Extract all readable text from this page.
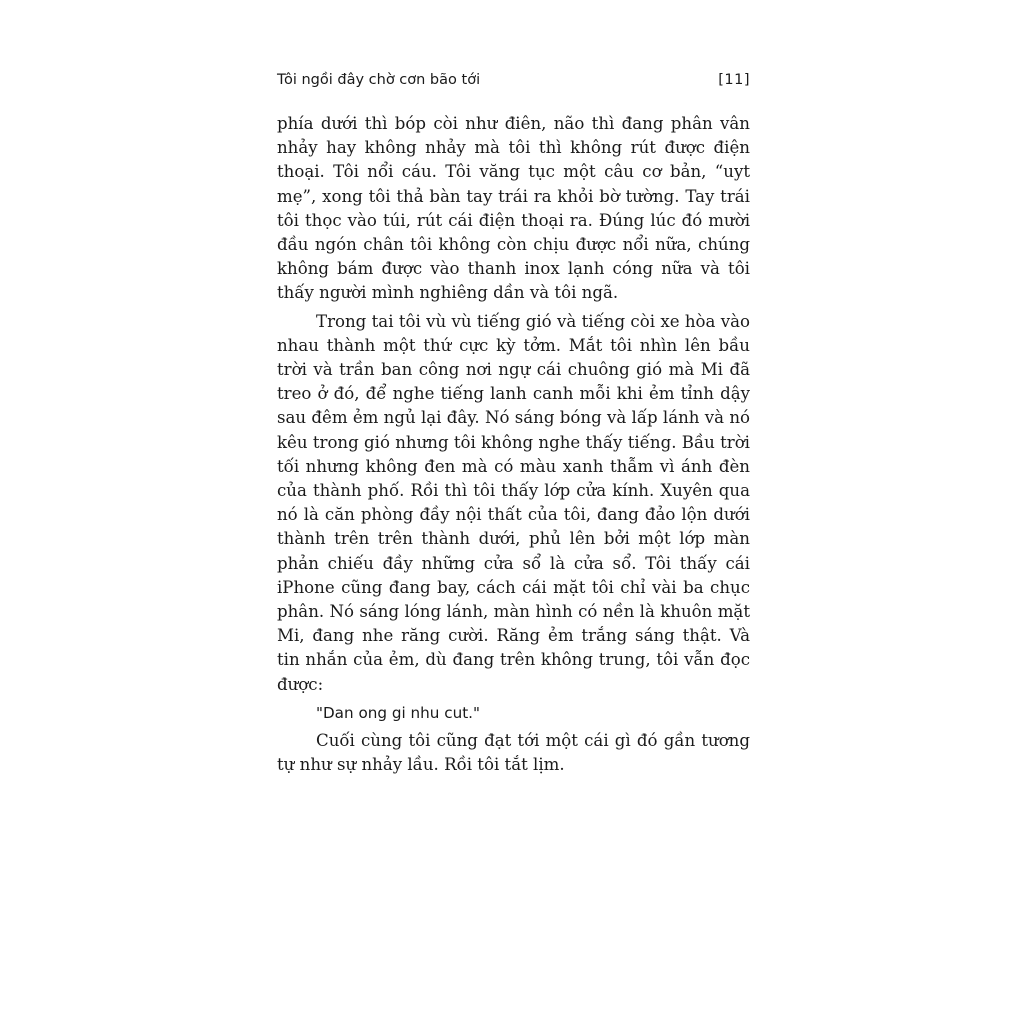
Tôi ngồi đây chờ cơn bão tới	[11]

phía dưới thì bóp còi như điên, não thì đang phân vân nhảy hay không nhảy mà tôi thì không rút được điện thoại. Tôi nổi cáu. Tôi văng tục một câu cơ bản, “uyt mẹ”, xong tôi thả bàn tay trái ra khỏi bờ tường. Tay trái tôi thọc vào túi, rút cái điện thoại ra. Đúng lúc đó mười đầu ngón chân tôi không còn chịu được nổi nữa, chúng không bám được vào thanh inox lạnh cóng nữa và tôi thấy người mình nghiêng dần và tôi ngã.

Trong tai tôi vù vù tiếng gió và tiếng còi xe hòa vào nhau thành một thứ cực kỳ tởm. Mắt tôi nhìn lên bầu trời và trần ban công nơi ngự cái chuông gió mà Mi đã treo ở đó, để nghe tiếng lanh canh mỗi khi ẻm tỉnh dậy sau đêm ẻm ngủ lại đây. Nó sáng bóng và lấp lánh và nó kêu trong gió nhưng tôi không nghe thấy tiếng. Bầu trời tối nhưng không đen mà có màu xanh thẫm vì ánh đèn của thành phố. Rồi thì tôi thấy lớp cửa kính. Xuyên qua nó là căn phòng đầy nội thất của tôi, đang đảo lộn dưới thành trên trên thành dưới, phủ lên bởi một lớp màn phản chiếu đầy những cửa sổ là cửa sổ. Tôi thấy cái iPhone cũng đang bay, cách cái mặt tôi chỉ vài ba chục phân. Nó sáng lóng lánh, màn hình có nền là khuôn mặt Mi, đang nhe răng cười. Răng ẻm trắng sáng thật. Và tin nhắn của ẻm, dù đang trên không trung, tôi vẫn đọc được:

"Dan ong gi nhu cut."

Cuối cùng tôi cũng đạt tới một cái gì đó gần tương tự như sự nhảy lầu. Rồi tôi tắt lịm.
